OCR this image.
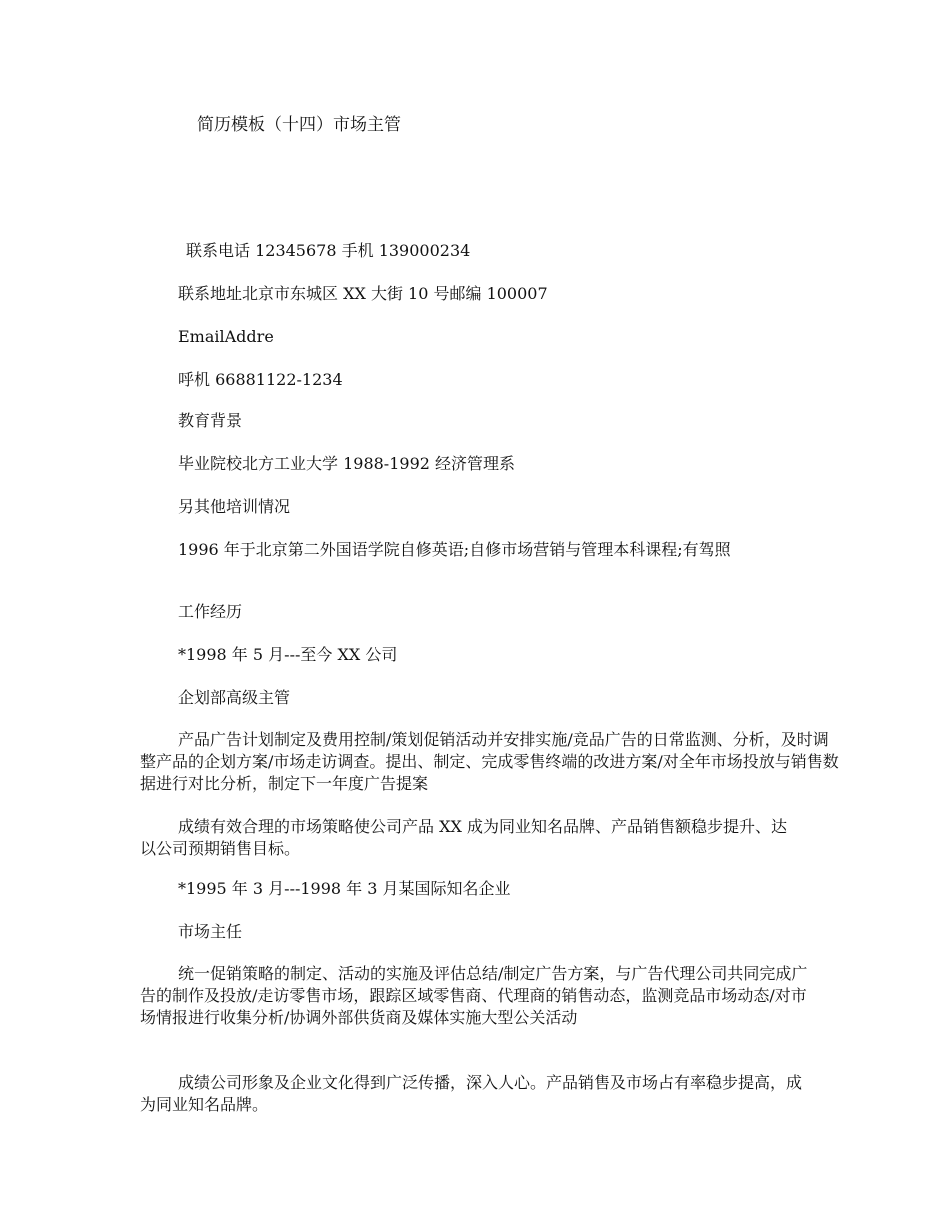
简历模板（十四）市场主管
联系电话 12345678 手机 139000234
联系地址北京市东城区 XX 大街 10 号邮编 100007
EmailAddre
呼机 66881122-1234
教育背景
毕业院校北方工业大学 1988-1992 经济管理系
另其他培训情况
1996 年于北京第二外国语学院自修英语;自修市场营销与管理本科课程;有驾照
工作经历
*1998 年 5 月---至今 XX 公司
企划部高级主管
产品广告计划制定及费用控制/策划促销活动并安排实施/竞品广告的日常监测、分析，及时调整产品的企划方案/市场走访调查。提出、制定、完成零售终端的改进方案/对全年市场投放与销售数据进行对比分析，制定下一年度广告提案
成绩有效合理的市场策略使公司产品 XX 成为同业知名品牌、产品销售额稳步提升、达以公司预期销售目标。
*1995 年 3 月---1998 年 3 月某国际知名企业
市场主任
统一促销策略的制定、活动的实施及评估总结/制定广告方案，与广告代理公司共同完成广告的制作及投放/走访零售市场，跟踪区域零售商、代理商的销售动态，监测竞品市场动态/对市场情报进行收集分析/协调外部供货商及媒体实施大型公关活动
成绩公司形象及企业文化得到广泛传播，深入人心。产品销售及市场占有率稳步提高，成为同业知名品牌。
